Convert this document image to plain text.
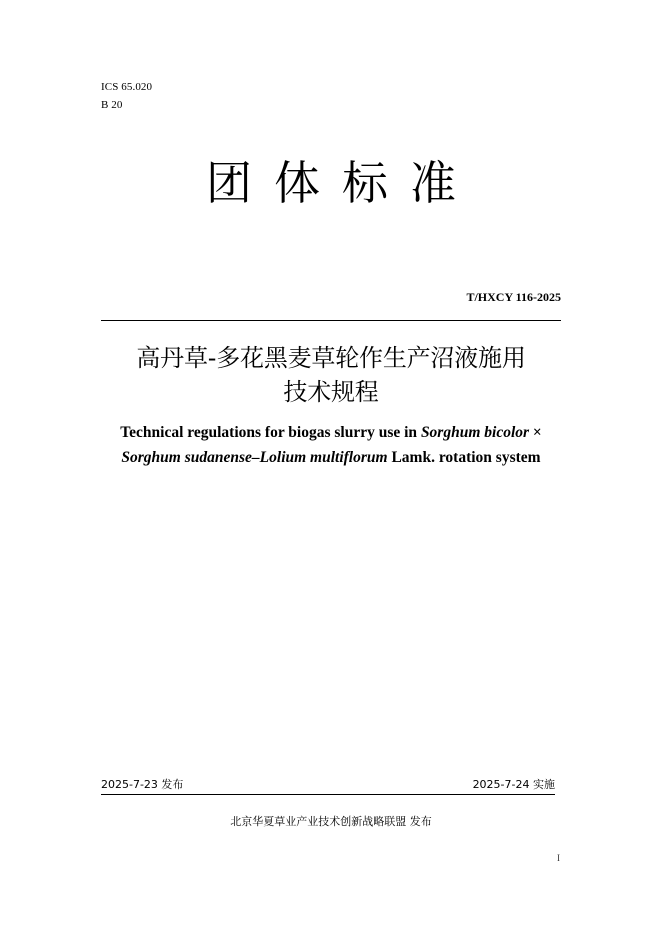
ICS 65.020
B 20
团 体 标 准
T/HXCY 116-2025
高丹草-多花黑麦草轮作生产沼液施用
技术规程
Technical regulations for biogas slurry use in Sorghum bicolor ×
Sorghum sudanense–Lolium multiflorum Lamk. rotation system
2025-7-23 发布	2025-7-24 实施
北京华夏草业产业技术创新战略联盟 发布
I
